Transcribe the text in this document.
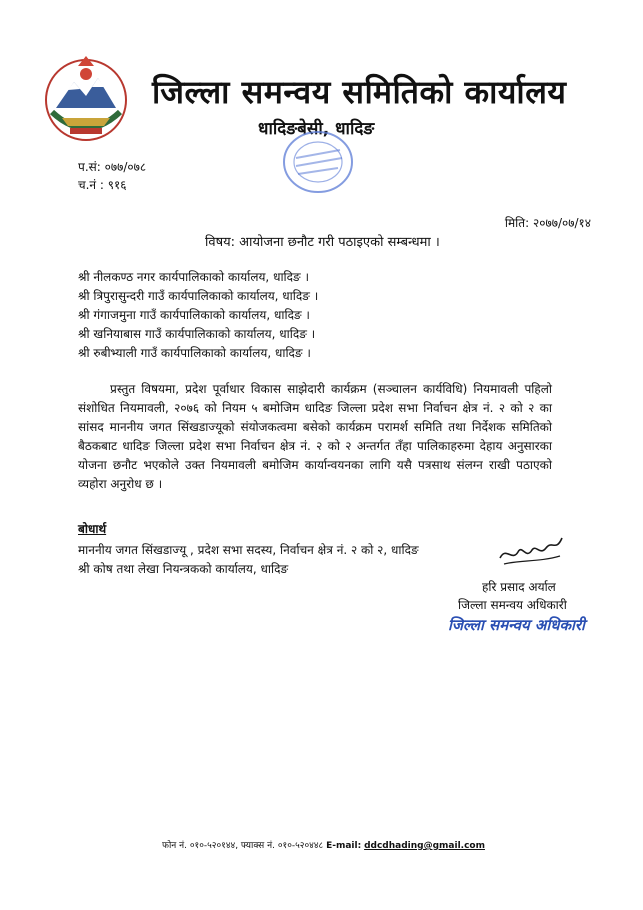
जिल्ला समन्वय समितिको कार्यालय
धादिङबेसी, धादिङ
प.सं: ०७७/०७८
च.नं : ९१६
मिति: २०७७/०७/१४
विषय: आयोजना छनौट गरी पठाइएको सम्बन्धमा ।
श्री नीलकण्ठ नगर कार्यपालिकाको कार्यालय, धादिङ ।
श्री त्रिपुरासुन्दरी गाउँ कार्यपालिकाको कार्यालय, धादिङ ।
श्री गंगाजमुना गाउँ कार्यपालिकाको कार्यालय, धादिङ ।
श्री खनियाबास गाउँ कार्यपालिकाको कार्यालय, धादिङ ।
श्री रुबीभ्याली गाउँ कार्यपालिकाको कार्यालय, धादिङ ।
प्रस्तुत विषयमा, प्रदेश पूर्वाधार विकास साझेदारी कार्यक्रम (सञ्चालन कार्यविधि) नियमावली पहिलो संशोधित नियमावली, २०७६ को नियम ५ बमोजिम धादिङ जिल्ला प्रदेश सभा निर्वाचन क्षेत्र नं. २ को २ का सांसद माननीय जगत सिंखडाज्यूको संयोजकत्वमा बसेको कार्यक्रम परामर्श समिति तथा निर्देशक समितिको बैठकबाट धादिङ जिल्ला प्रदेश सभा निर्वाचन क्षेत्र नं. २ को २ अन्तर्गत तँहा पालिकाहरुमा देहाय अनुसारका योजना छनौट भएकोले उक्त नियमावली बमोजिम कार्यान्वयनका लागि यसै पत्रसाथ संलग्न राखी पठाएको व्यहोरा अनुरोध छ ।
बोधार्थ
माननीय जगत सिंखडाज्यू , प्रदेश सभा सदस्य, निर्वाचन क्षेत्र नं. २ को २, धादिङ
श्री कोष तथा लेखा नियन्त्रकको कार्यालय, धादिङ
हरि प्रसाद अर्याल
जिल्ला समन्वय अधिकारी
जिल्ला समन्वय अधिकारी
फोन नं. ०१०-५२०१४४, फ्याक्स नं. ०१०-५२०४४८ E-mail: ddcdhading@gmail.com
